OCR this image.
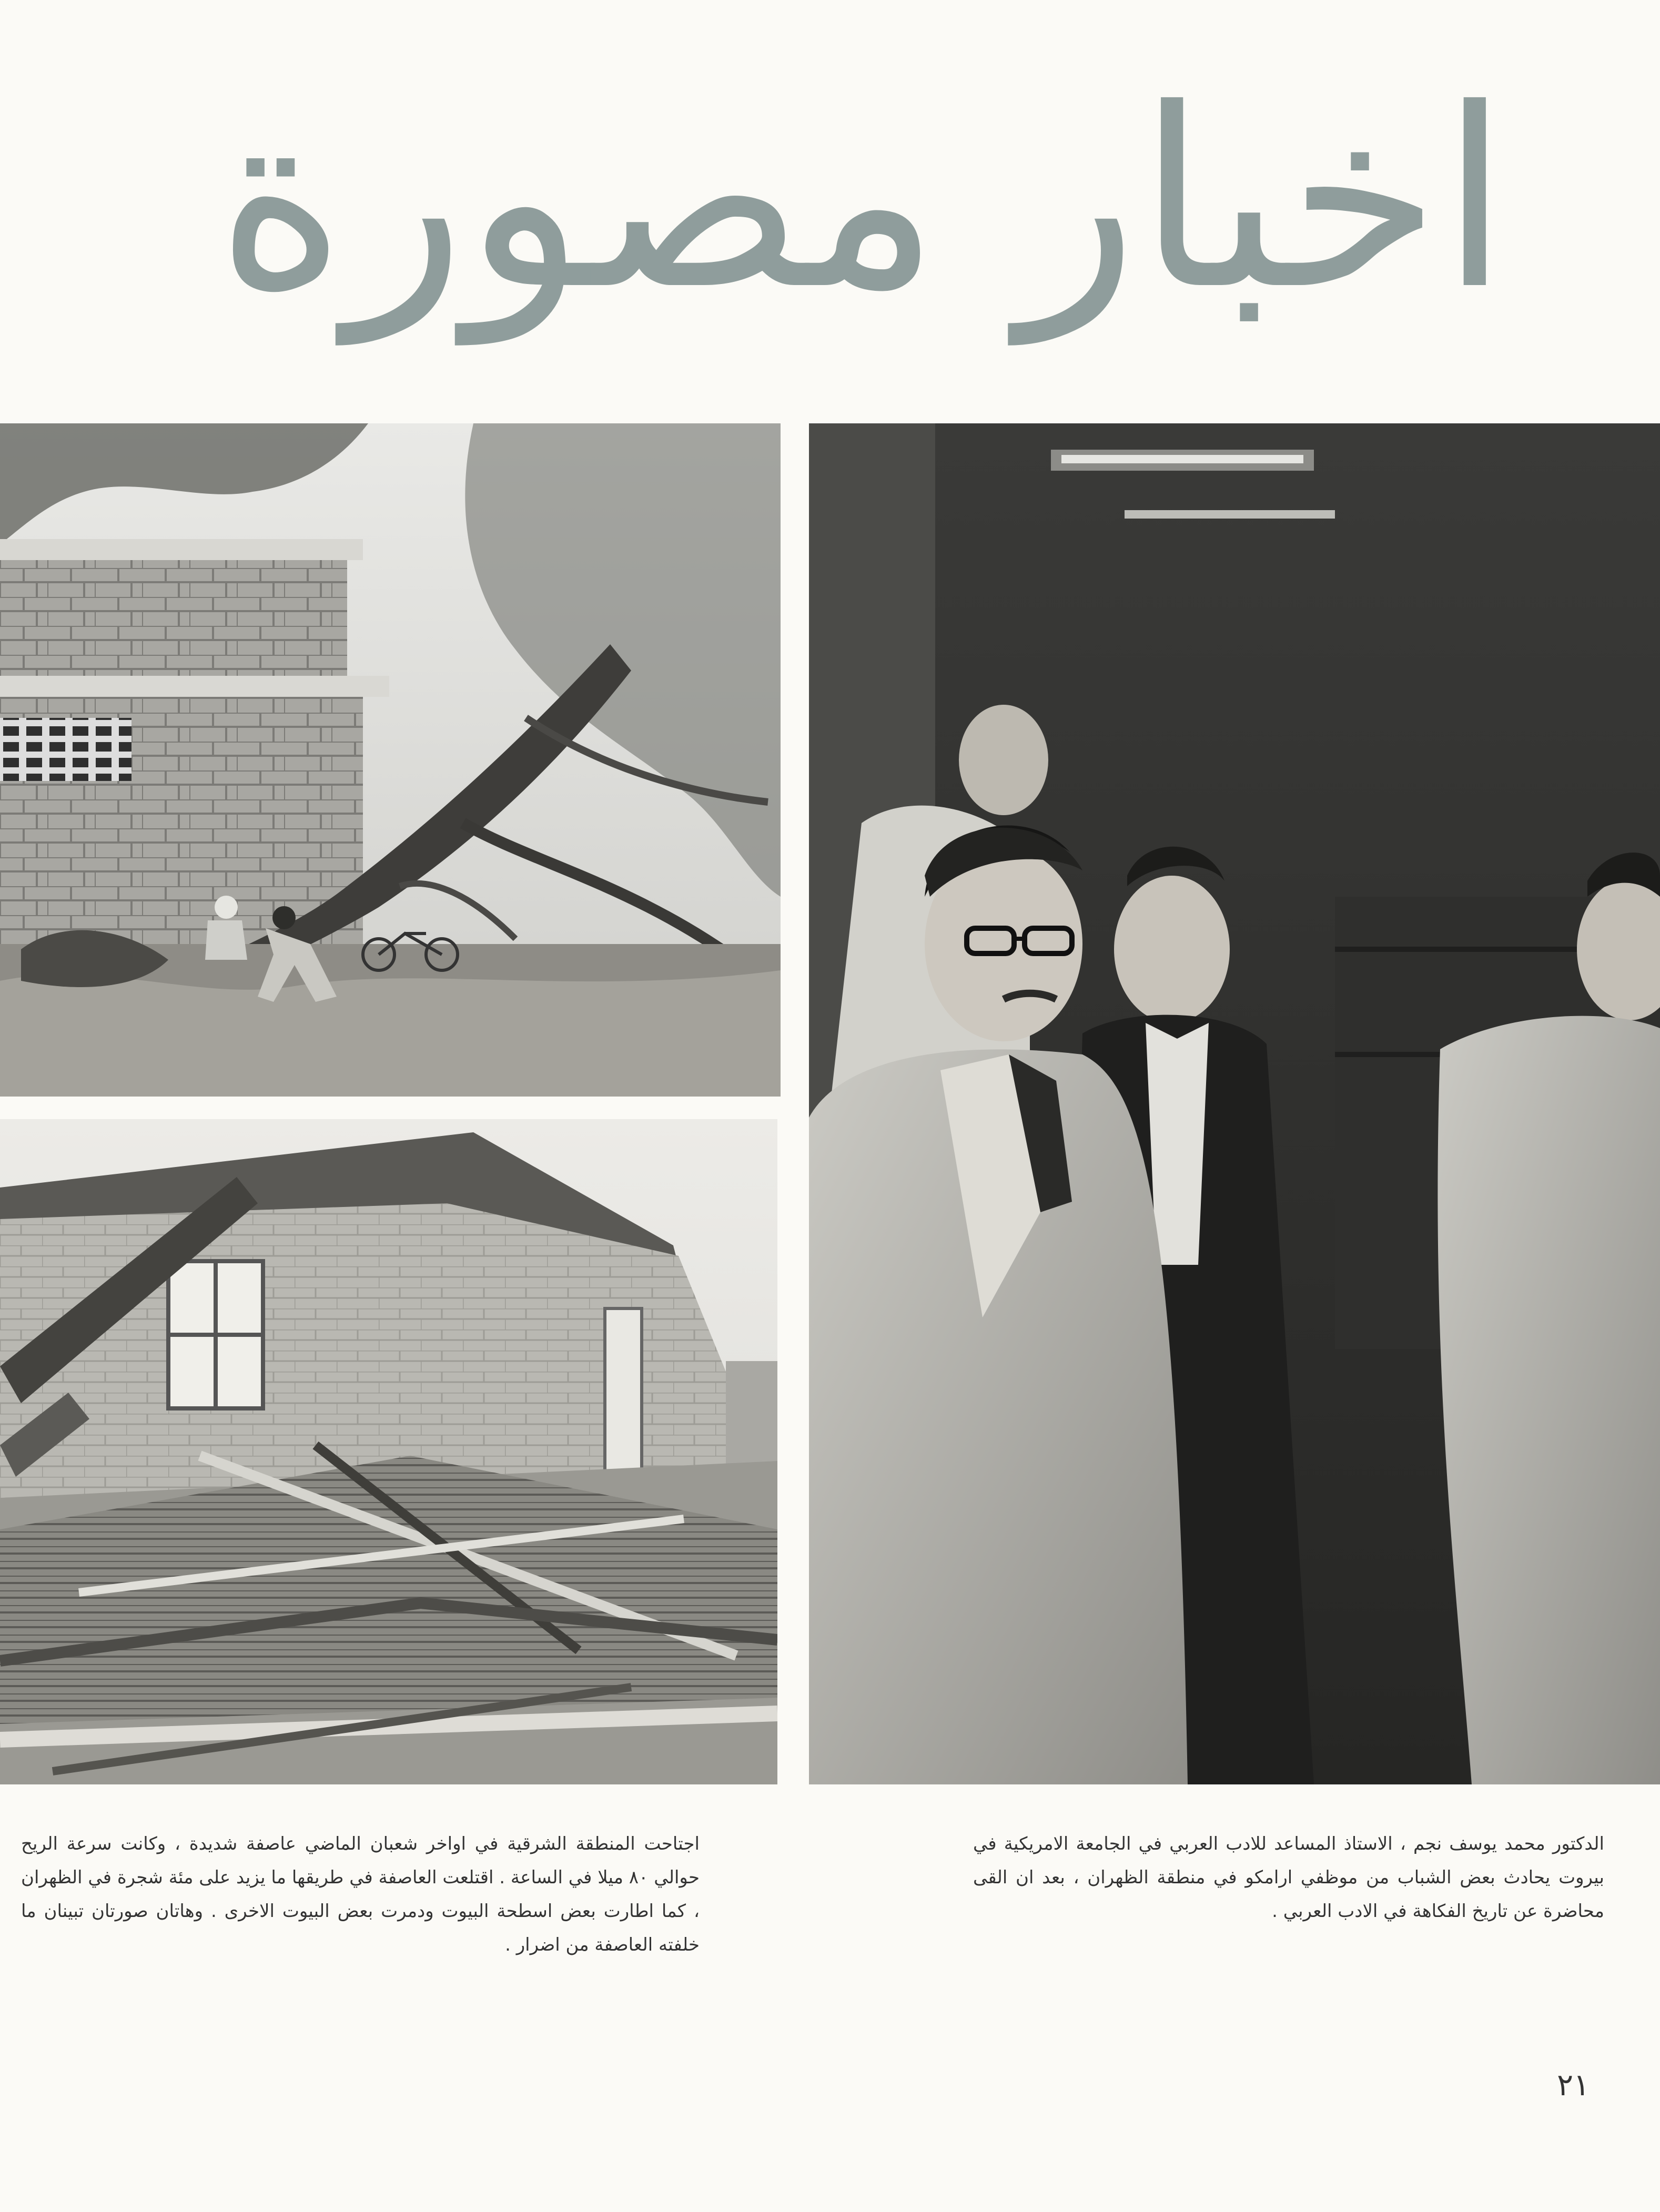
اخبار مصورة

اجتاحت المنطقة الشرقية في اواخر شعبان الماضي عاصفة شديدة ، وكانت سرعة الريح حوالي ٨٠ ميلا في الساعة . اقتلعت العاصفة في طريقها ما يزيد على مئة شجرة في الظهران ، كما اطارت بعض اسطحة البيوت ودمرت بعض البيوت الاخرى . وهاتان صورتان تبينان ما خلفته العاصفة من اضرار .

الدكتور محمد يوسف نجم ، الاستاذ المساعد للادب العربي في الجامعة الامريكية في بيروت يحادث بعض الشباب من موظفي ارامكو في منطقة الظهران ، بعد ان القى محاضرة عن تاريخ الفكاهة في الادب العربي .

٢١
